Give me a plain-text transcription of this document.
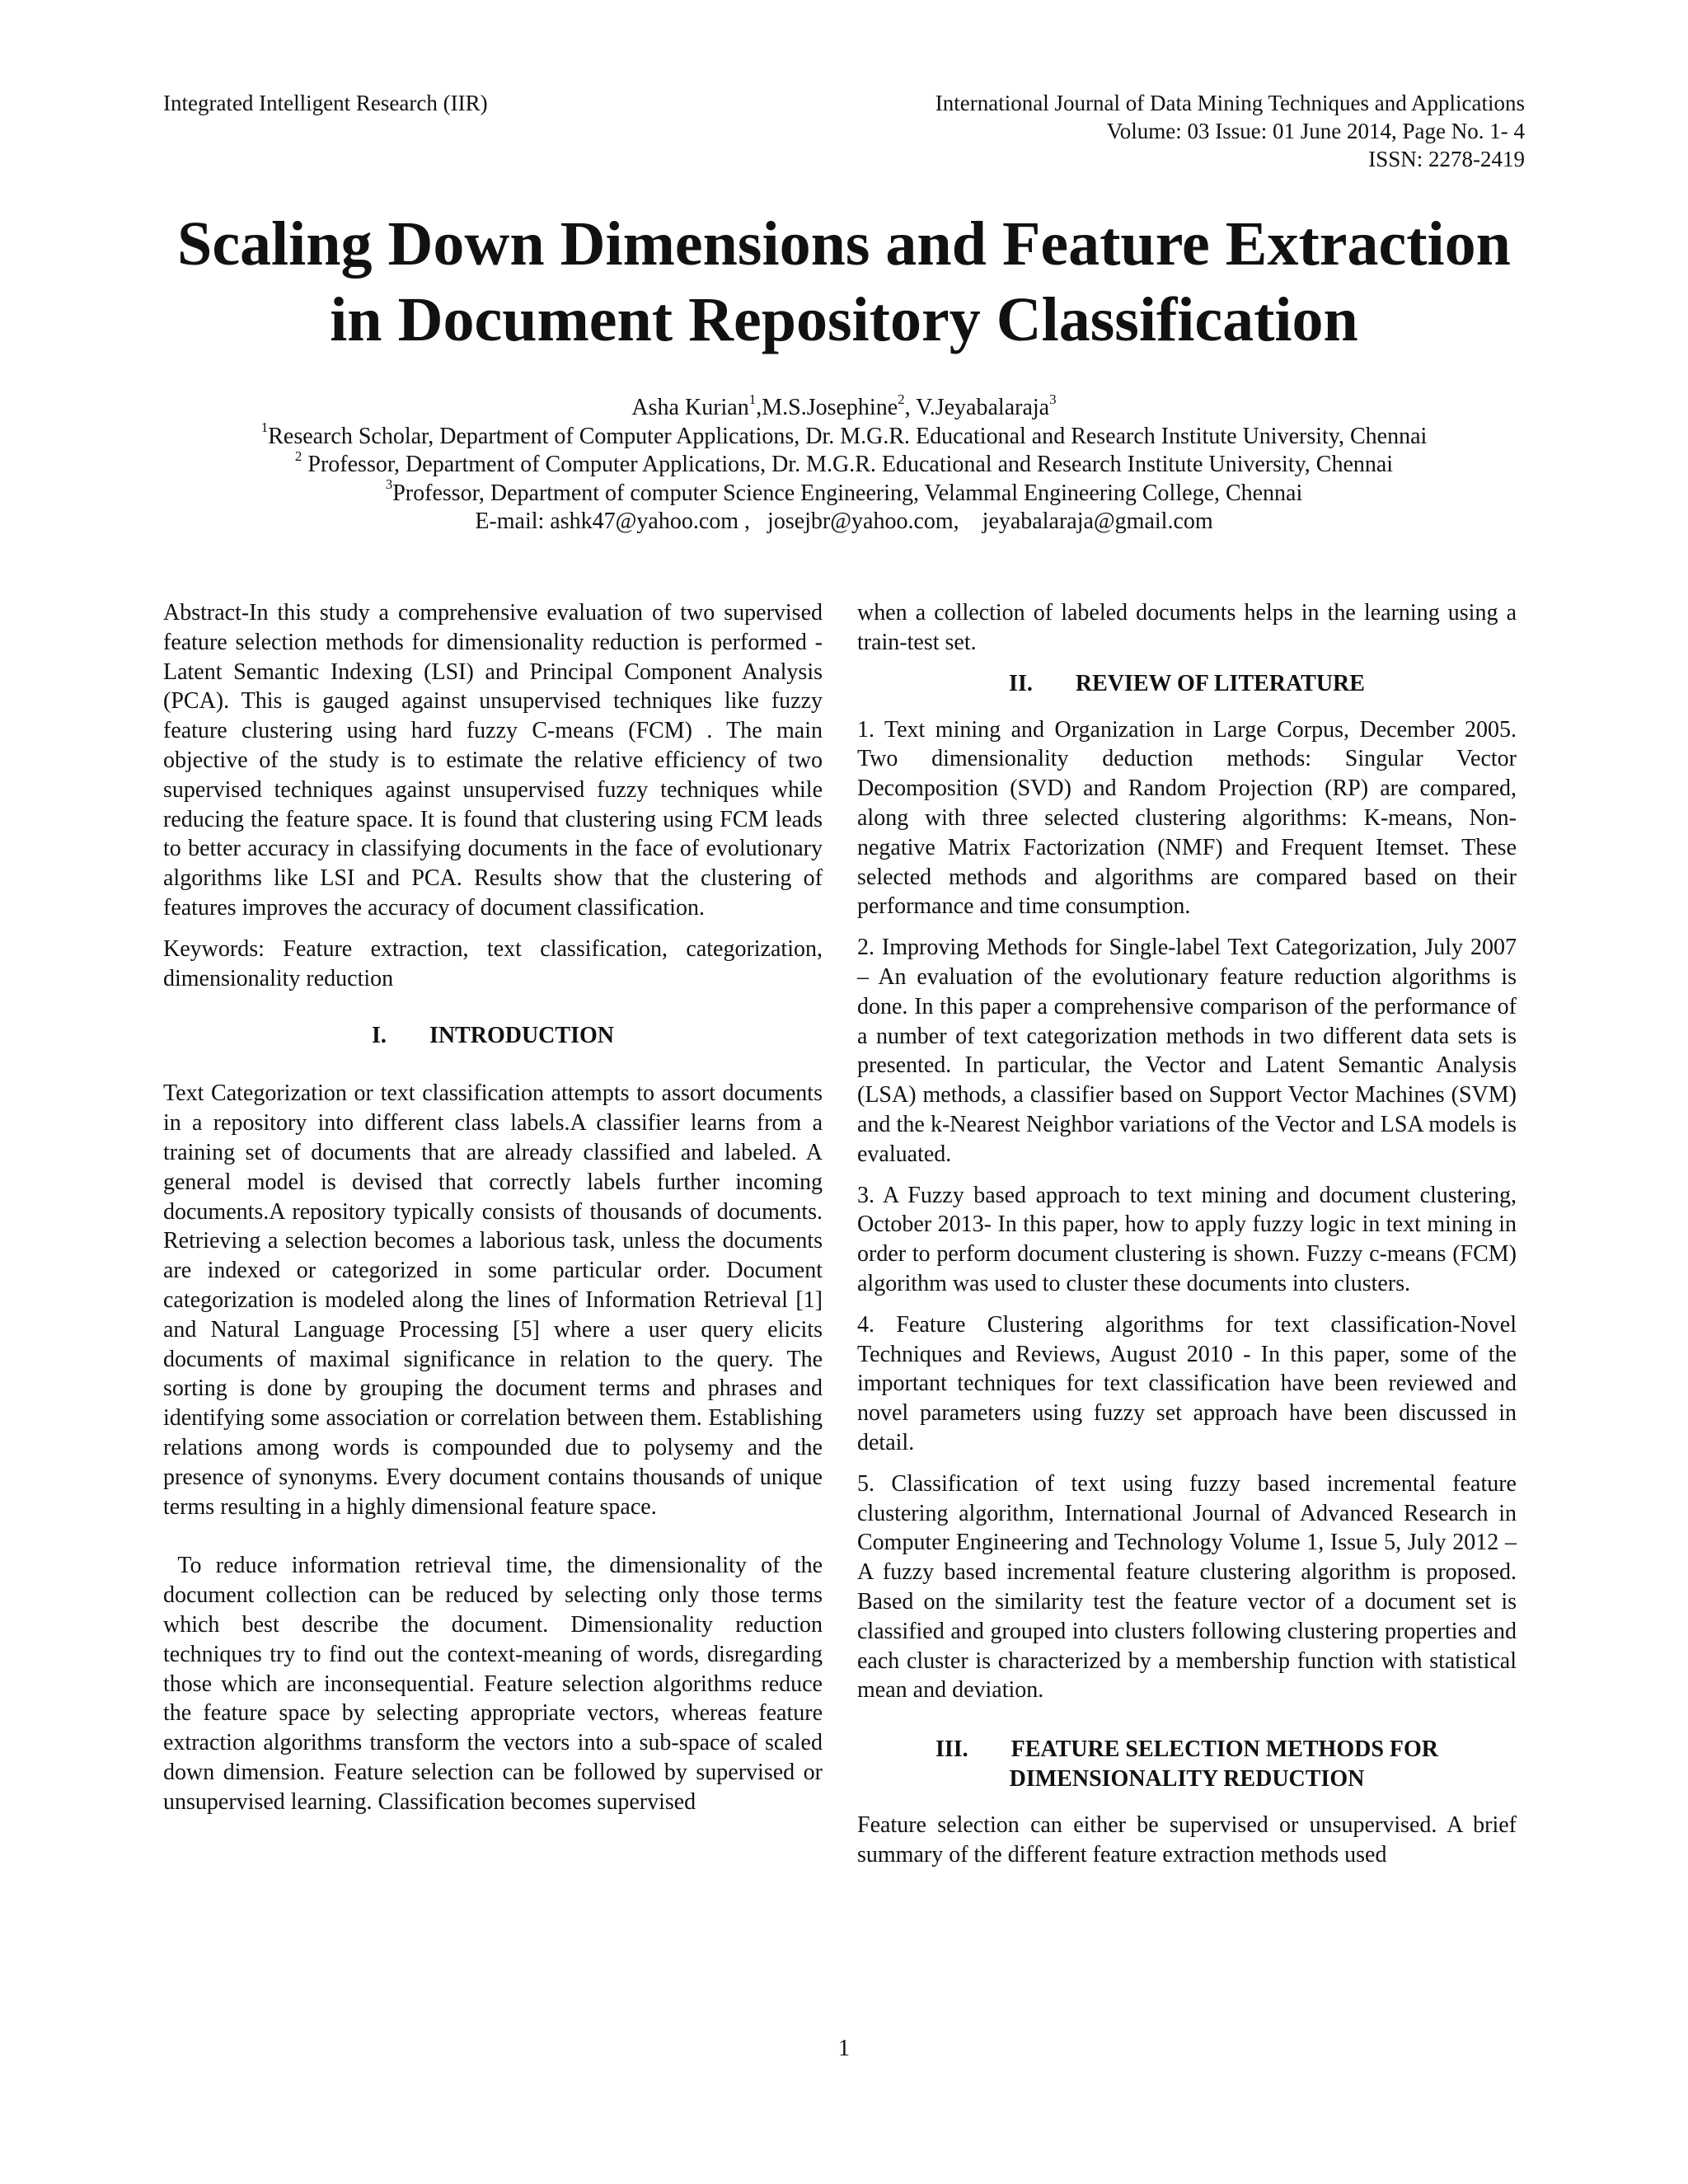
Integrated Intelligent Research (IIR)	International Journal of Data Mining Techniques and Applications
Volume: 03 Issue: 01 June 2014, Page No. 1- 4
ISSN: 2278-2419
Scaling Down Dimensions and Feature Extraction
in Document Repository Classification
Asha Kurian$^1$,M.S.Josephine$^2$, V.Jeyabalaraja$^3$
$^1$Research Scholar, Department of Computer Applications, Dr. M.G.R. Educational and Research Institute University, Chennai
$^2$ Professor, Department of Computer Applications, Dr. M.G.R. Educational and Research Institute University, Chennai
$^3$Professor, Department of computer Science Engineering, Velammal Engineering College, Chennai
E-mail: ashk47@yahoo.com ,   josejbr@yahoo.com,    jeyabalaraja@gmail.com

Abstract-In this study a comprehensive evaluation of two supervised feature selection methods for dimensionality reduction is performed - Latent Semantic Indexing (LSI) and Principal Component Analysis (PCA). This is gauged against unsupervised techniques like fuzzy feature clustering using hard fuzzy C-means (FCM) . The main objective of the study is to estimate the relative efficiency of two supervised techniques against unsupervised fuzzy techniques while reducing the feature space. It is found that clustering using FCM leads to better accuracy in classifying documents in the face of evolutionary algorithms like LSI and PCA. Results show that the clustering of features improves the accuracy of document classification.

Keywords: Feature extraction, text classification, categorization, dimensionality reduction

I. INTRODUCTION

Text Categorization or text classification attempts to assort documents in a repository into different class labels.A classifier learns from a training set of documents that are already classified and labeled. A general model is devised that correctly labels further incoming documents.A repository typically consists of thousands of documents. Retrieving a selection becomes a laborious task, unless the documents are indexed or categorized in some particular order. Document categorization is modeled along the lines of Information Retrieval [1] and Natural Language Processing [5] where a user query elicits documents of maximal significance in relation to the query. The sorting is done by grouping the document terms and phrases and identifying some association or correlation between them. Establishing relations among words is compounded due to polysemy and the presence of synonyms. Every document contains thousands of unique terms resulting in a highly dimensional feature space.

To reduce information retrieval time, the dimensionality of the document collection can be reduced by selecting only those terms which best describe the document. Dimensionality reduction techniques try to find out the context-meaning of words, disregarding those which are inconsequential. Feature selection algorithms reduce the feature space by selecting appropriate vectors, whereas feature extraction algorithms transform the vectors into a sub-space of scaled down dimension. Feature selection can be followed by supervised or unsupervised learning. Classification becomes supervised

when a collection of labeled documents helps in the learning using a train-test set.

II. REVIEW OF LITERATURE

1. Text mining and Organization in Large Corpus, December 2005. Two dimensionality deduction methods: Singular Vector Decomposition (SVD) and Random Projection (RP) are compared, along with three selected clustering algorithms: K-means, Non-negative Matrix Factorization (NMF) and Frequent Itemset. These selected methods and algorithms are compared based on their performance and time consumption.

2. Improving Methods for Single-label Text Categorization, July 2007 – An evaluation of the evolutionary feature reduction algorithms is done. In this paper a comprehensive comparison of the performance of a number of text categorization methods in two different data sets is presented. In particular, the Vector and Latent Semantic Analysis (LSA) methods, a classifier based on Support Vector Machines (SVM) and the k-Nearest Neighbor variations of the Vector and LSA models is evaluated.

3. A Fuzzy based approach to text mining and document clustering, October 2013- In this paper, how to apply fuzzy logic in text mining in order to perform document clustering is shown. Fuzzy c-means (FCM) algorithm was used to cluster these documents into clusters.

4. Feature Clustering algorithms for text classification-Novel Techniques and Reviews, August 2010 - In this paper, some of the important techniques for text classification have been reviewed and novel parameters using fuzzy set approach have been discussed in detail.

5. Classification of text using fuzzy based incremental feature clustering algorithm, International Journal of Advanced Research in Computer Engineering and Technology Volume 1, Issue 5, July 2012 – A fuzzy based incremental feature clustering algorithm is proposed. Based on the similarity test the feature vector of a document set is classified and grouped into clusters following clustering properties and each cluster is characterized by a membership function with statistical mean and deviation.

III. FEATURE SELECTION METHODS FOR
DIMENSIONALITY REDUCTION

Feature selection can either be supervised or unsupervised. A brief summary of the different feature extraction methods used

1
